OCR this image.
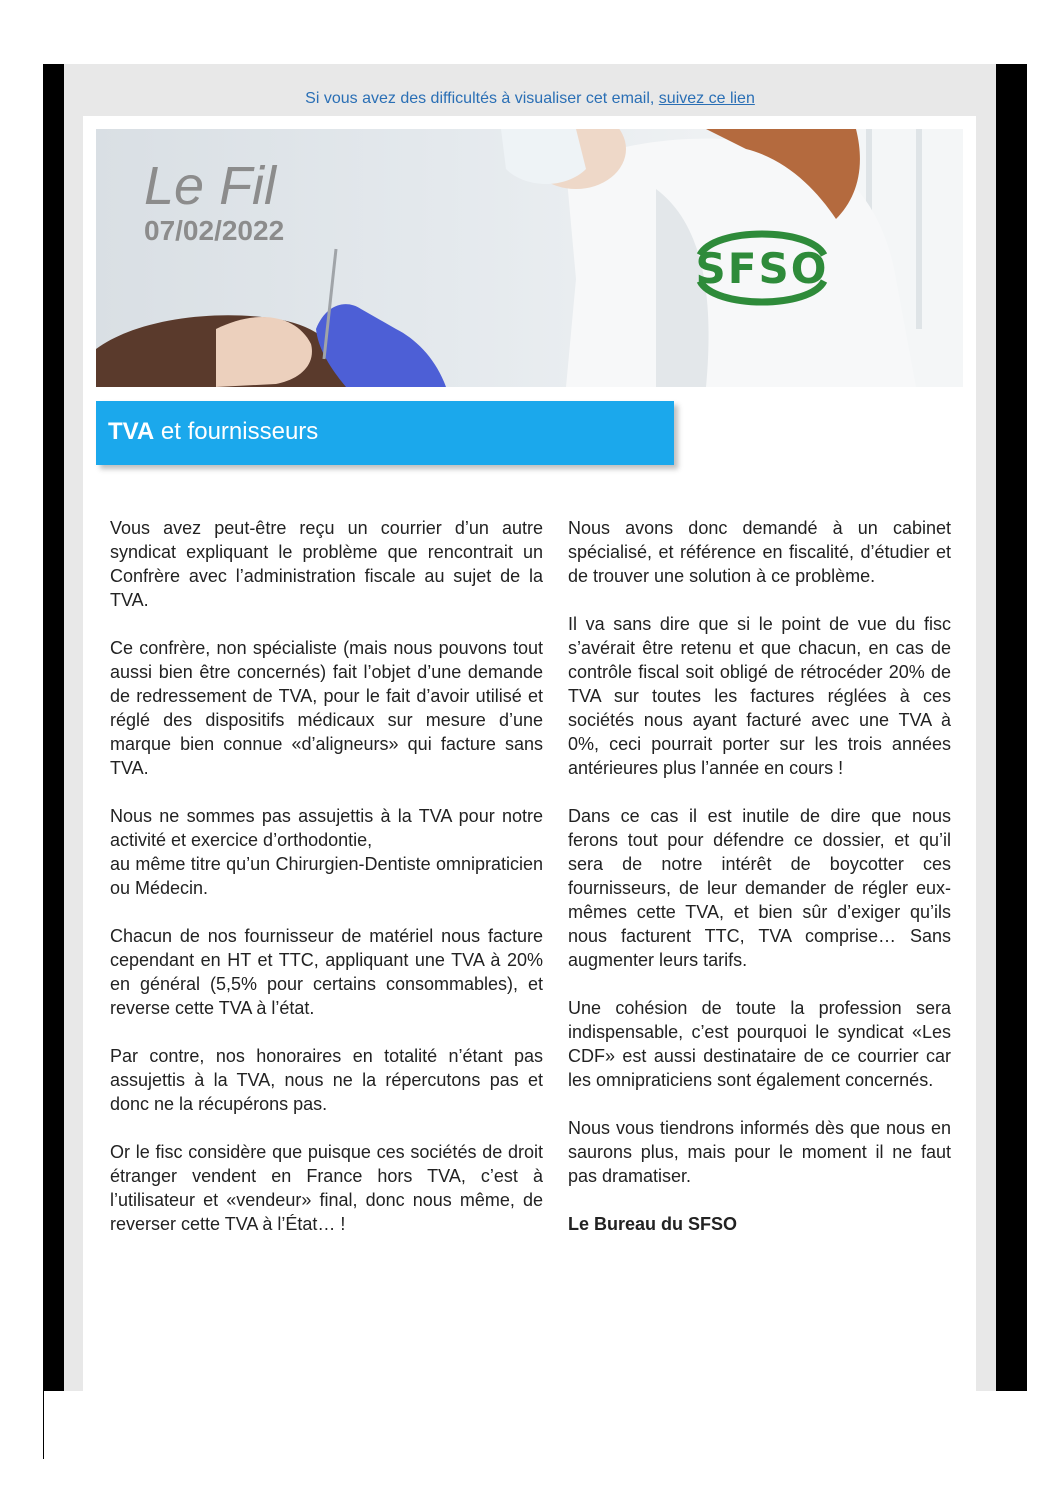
Si vous avez des difficultés à visualiser cet email, suivez ce lien
Le Fil
07/02/2022
SFSO
TVA et fournisseurs

Vous avez peut-être reçu un courrier d’un autre syndicat expliquant le problème que rencontrait un Confrère avec l’administration fiscale au sujet de la TVA.

Ce confrère, non spécialiste (mais nous pouvons tout aussi bien être concernés) fait l’objet d’une demande de redressement de TVA, pour le fait d’avoir utilisé et réglé des dispositifs médicaux sur mesure d’une marque bien connue «d’aligneurs» qui facture sans TVA.

Nous ne sommes pas assujettis à la TVA pour notre activité et exercice d’orthodontie,

au même titre qu’un Chirurgien-Dentiste omnipraticien ou Médecin.

Chacun de nos fournisseur de matériel nous facture cependant en HT et TTC, appliquant une TVA à 20% en général (5,5% pour certains consommables), et reverse cette TVA à l’état.

Par contre, nos honoraires en totalité n’étant pas assujettis à la TVA, nous ne la répercutons pas et donc ne la récupérons pas.

Or le fisc considère que puisque ces sociétés de droit étranger vendent en France hors TVA, c’est à l’utilisateur et «vendeur» final, donc nous même, de reverser cette TVA à l’État… !

Nous avons donc demandé à un cabinet spécialisé, et référence en fiscalité, d’étudier et de trouver une solution à ce problème.

Il va sans dire que si le point de vue du fisc s’avérait être retenu et que chacun, en cas de contrôle fiscal soit obligé de rétrocéder 20% de TVA sur toutes les factures réglées à ces sociétés nous ayant facturé avec une TVA à 0%, ceci pourrait porter sur les trois années antérieures plus l’année en cours !

Dans ce cas il est inutile de dire que nous ferons tout pour défendre ce dossier, et qu’il sera de notre intérêt de boycotter ces fournisseurs, de leur demander de régler eux-mêmes cette TVA, et bien sûr d’exiger qu’ils nous facturent TTC, TVA comprise… Sans augmenter leurs tarifs.

Une cohésion de toute la profession sera indispensable, c’est pourquoi le syndicat «Les CDF» est aussi destinataire de ce courrier car les omnipraticiens sont également concernés.

Nous vous tiendrons informés dès que nous en saurons plus, mais pour le moment il ne faut pas dramatiser.

Le Bureau du SFSO
